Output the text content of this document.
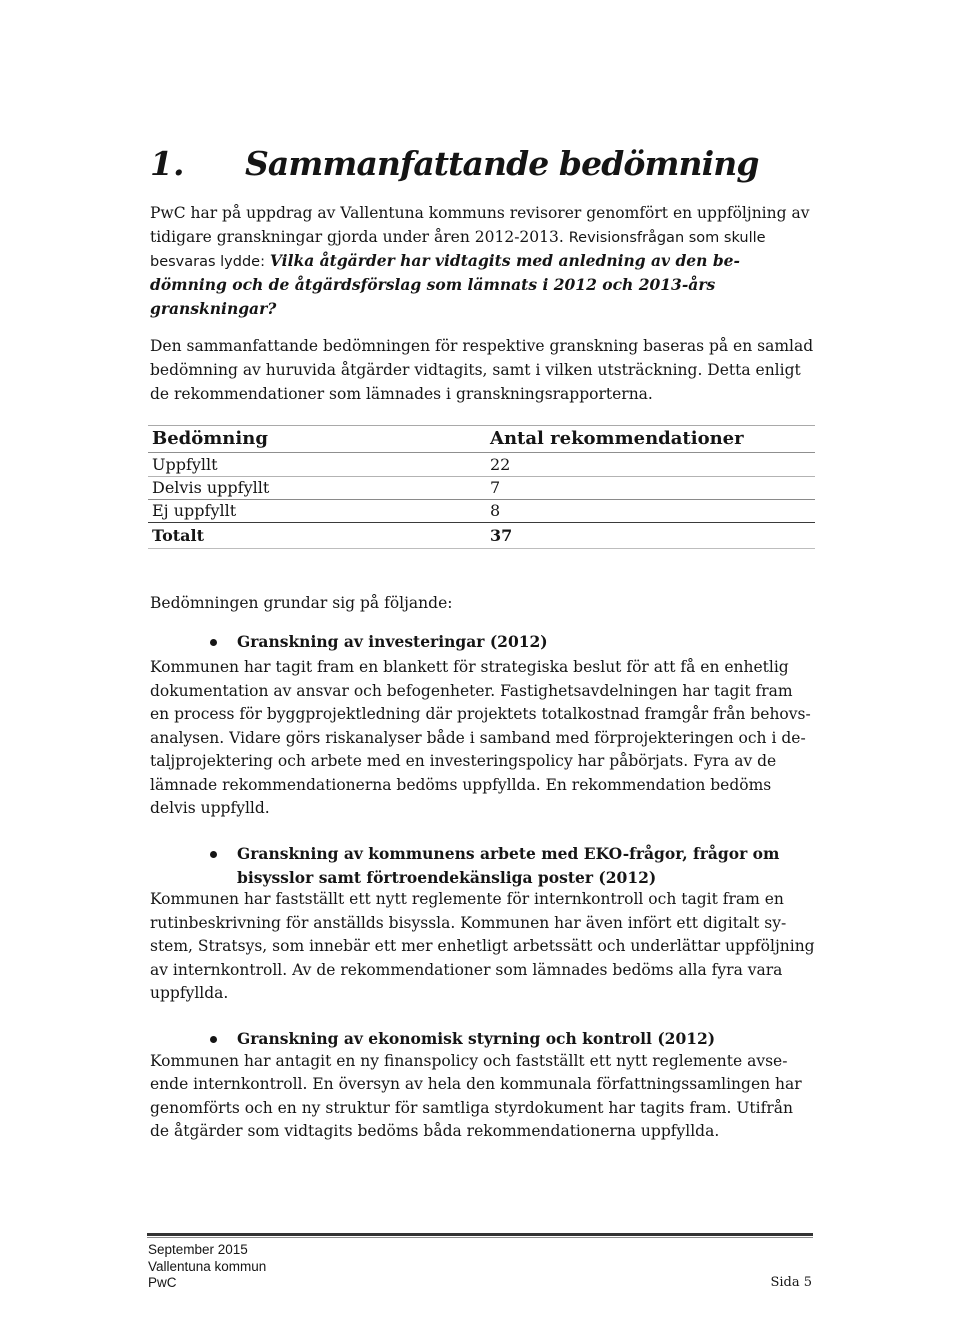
1. Sammanfattande bedömning
PwC har på uppdrag av Vallentuna kommuns revisorer genomfört en uppföljning av
tidigare granskningar gjorda under åren 2012-2013. Revisionsfrågan som skulle
besvaras lydde: Vilka åtgärder har vidtagits med anledning av den be-
dömning och de åtgärdsförslag som lämnats i 2012 och 2013-års
granskningar?
Den sammanfattande bedömningen för respektive granskning baseras på en samlad
bedömning av huruvida åtgärder vidtagits, samt i vilken utsträckning. Detta enligt
de rekommendationer som lämnades i granskningsrapporterna.
Bedömning	Antal rekommendationer
Uppfyllt	22
Delvis uppfyllt	7
Ej uppfyllt	8
Totalt	37
Bedömningen grundar sig på följande:
Granskning av investeringar (2012)
Kommunen har tagit fram en blankett för strategiska beslut för att få en enhetlig
dokumentation av ansvar och befogenheter. Fastighetsavdelningen har tagit fram
en process för byggprojektledning där projektets totalkostnad framgår från behovs-
analysen. Vidare görs riskanalyser både i samband med förprojekteringen och i de-
taljprojektering och arbete med en investeringspolicy har påbörjats. Fyra av de
lämnade rekommendationerna bedöms uppfyllda. En rekommendation bedöms
delvis uppfylld.
Granskning av kommunens arbete med EKO-frågor, frågor om
bisysslor samt förtroendekänsliga poster (2012)
Kommunen har fastställt ett nytt reglemente för internkontroll och tagit fram en
rutinbeskrivning för anställds bisyssla. Kommunen har även infört ett digitalt sy-
stem, Stratsys, som innebär ett mer enhetligt arbetssätt och underlättar uppföljning
av internkontroll. Av de rekommendationer som lämnades bedöms alla fyra vara
uppfyllda.
Granskning av ekonomisk styrning och kontroll (2012)
Kommunen har antagit en ny finanspolicy och fastställt ett nytt reglemente avse-
ende internkontroll. En översyn av hela den kommunala författningssamlingen har
genomförts och en ny struktur för samtliga styrdokument har tagits fram. Utifrån
de åtgärder som vidtagits bedöms båda rekommendationerna uppfyllda.
September 2015
Vallentuna kommun
PwC	Sida 5
